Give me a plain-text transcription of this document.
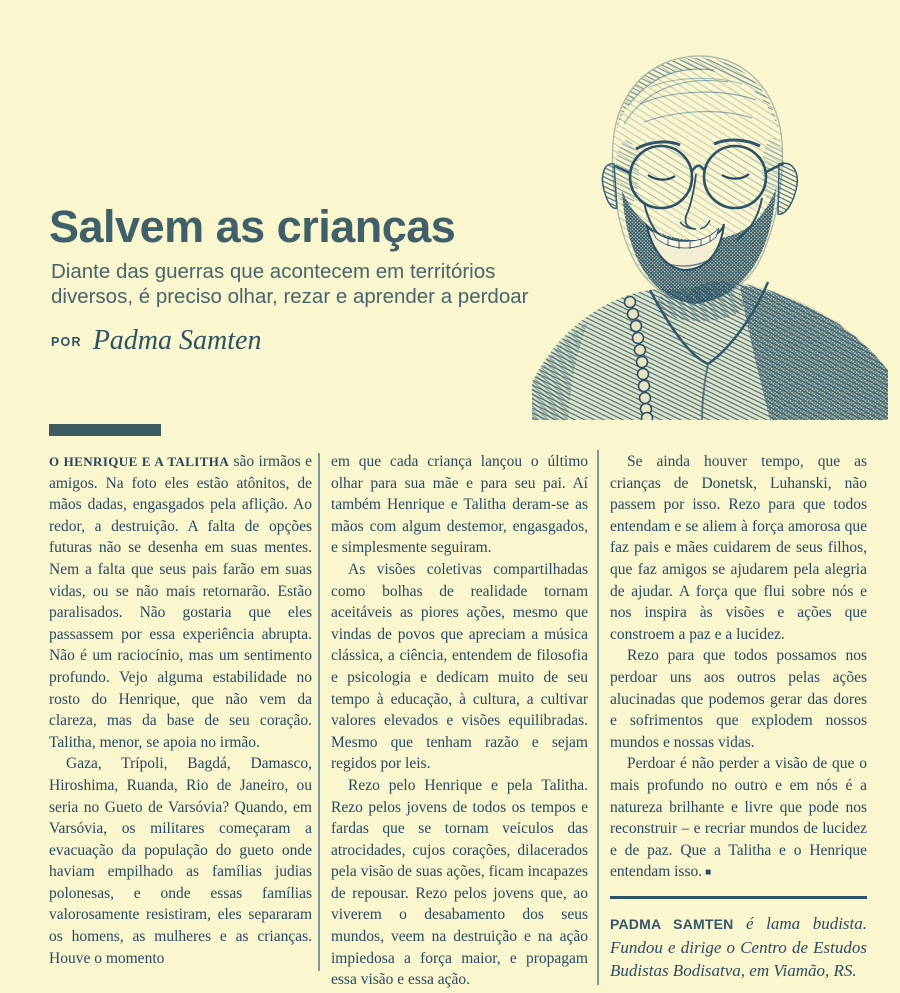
Salvem as crianças

Diante das guerras que acontecem em territórios diversos, é preciso olhar, rezar e aprender a perdoar

POR Padma Samten

O HENRIQUE E A TALITHA são irmãos e amigos. Na foto eles estão atônitos, de mãos dadas, engasgados pela aflição. Ao redor, a destruição. A falta de opções futuras não se desenha em suas mentes. Nem a falta que seus pais farão em suas vidas, ou se não mais retornarão. Estão paralisados. Não gostaria que eles passassem por essa experiência abrupta. Não é um raciocínio, mas um sentimento profundo. Vejo alguma estabilidade no rosto do Henrique, que não vem da clareza, mas da base de seu coração. Talitha, menor, se apoia no irmão.

Gaza, Trípoli, Bagdá, Damasco, Hiroshima, Ruanda, Rio de Janeiro, ou seria no Gueto de Varsóvia? Quando, em Varsóvia, os militares começaram a evacuação da população do gueto onde haviam empilhado as famílias judias polonesas, e onde essas famílias valorosamente resistiram, eles separaram os homens, as mulheres e as crianças. Houve o momento

em que cada criança lançou o último olhar para sua mãe e para seu pai. Aí também Henrique e Talitha deram-se as mãos com algum destemor, engasgados, e simplesmente seguiram.

As visões coletivas compartilhadas como bolhas de realidade tornam aceitáveis as piores ações, mesmo que vindas de povos que apreciam a música clássica, a ciência, entendem de filosofia e psicologia e dedicam muito de seu tempo à educação, à cultura, a cultivar valores elevados e visões equilibradas. Mesmo que tenham razão e sejam regidos por leis.

Rezo pelo Henrique e pela Talitha. Rezo pelos jovens de todos os tempos e fardas que se tornam veículos das atrocidades, cujos corações, dilacerados pela visão de suas ações, ficam incapazes de repousar. Rezo pelos jovens que, ao viverem o desabamento dos seus mundos, veem na destruição e na ação impiedosa a força maior, e propagam essa visão e essa ação.

Se ainda houver tempo, que as crianças de Donetsk, Luhanski, não passem por isso. Rezo para que todos entendam e se aliem à força amorosa que faz pais e mães cuidarem de seus filhos, que faz amigos se ajudarem pela alegria de ajudar. A força que flui sobre nós e nos inspira às visões e ações que constroem a paz e a lucidez.

Rezo para que todos possamos nos perdoar uns aos outros pelas ações alucinadas que podemos gerar das dores e sofrimentos que explodem nossos mundos e nossas vidas.

Perdoar é não perder a visão de que o mais profundo no outro e em nós é a natureza brilhante e livre que pode nos reconstruir – e recriar mundos de lucidez e de paz. Que a Talitha e o Henrique entendam isso. ■

PADMA SAMTEN é lama budista. Fundou e dirige o Centro de Estudos Budistas Bodisatva, em Viamão, RS.
